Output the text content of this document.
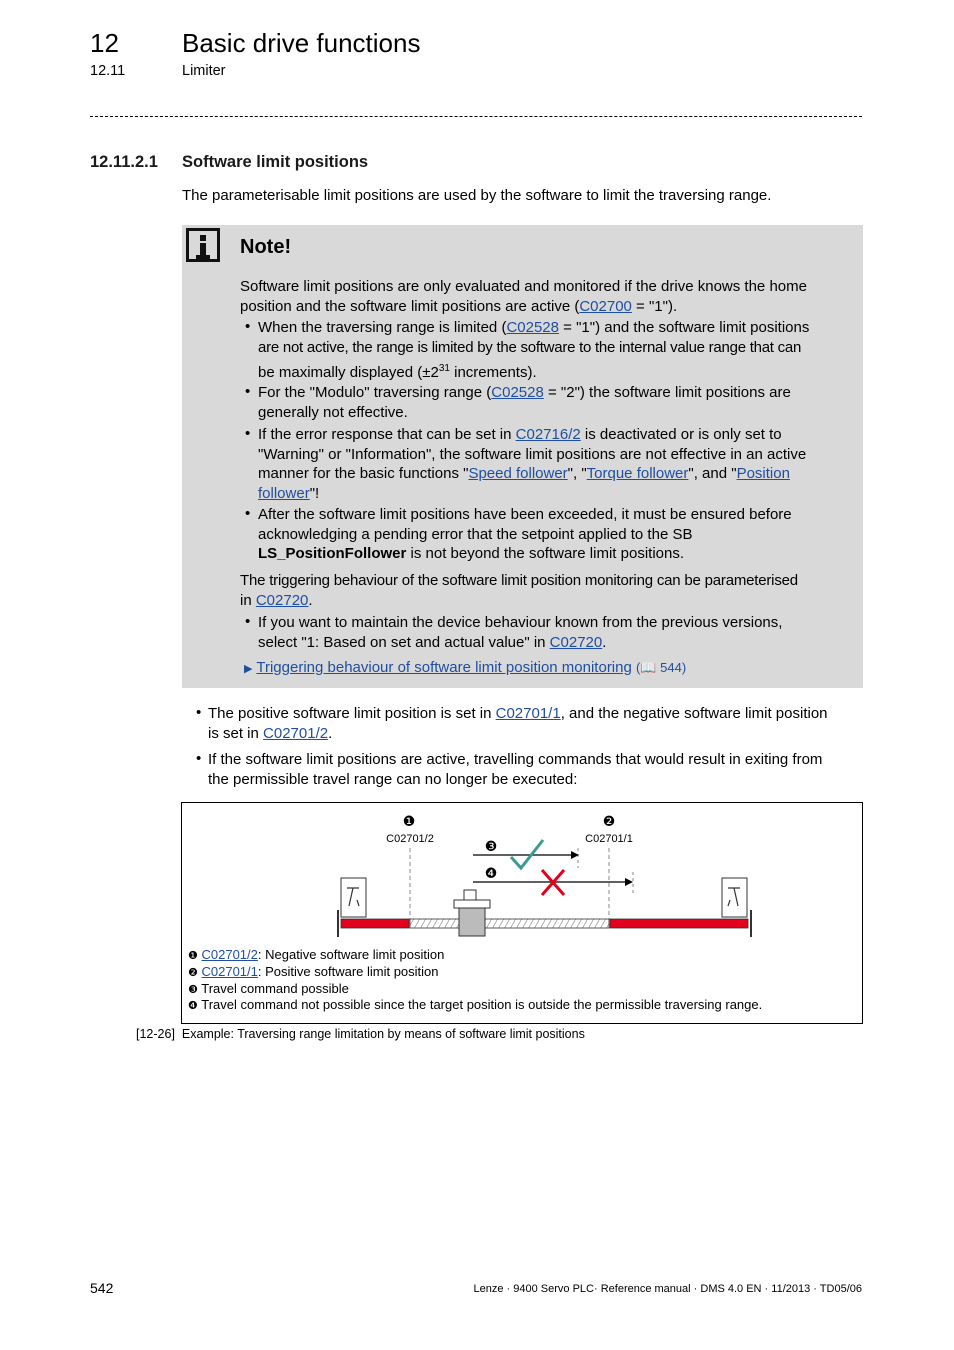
12 Basic drive functions
12.11	Limiter
12.11.2.1 Software limit positions
The parameterisable limit positions are used by the software to limit the traversing range.
Note!
Software limit positions are only evaluated and monitored if the drive knows the home
position and the software limit positions are active (C02700 = "1").
• When the traversing range is limited (C02528 = "1") and the software limit positions
are not active, the range is limited by the software to the internal value range that can
be maximally displayed ($\pm 2^{31}$ increments).
• For the "Modulo" traversing range (C02528 = "2") the software limit positions are
generally not effective.
• If the error response that can be set in C02716/2 is deactivated or is only set to
"Warning" or "Information", the software limit positions are not effective in an active
manner for the basic functions "Speed follower", "Torque follower", and "Position
follower"!
• After the software limit positions have been exceeded, it must be ensured before
acknowledging a pending error that the setpoint applied to the SB
LS_PositionFollower is not beyond the software limit positions.
The triggering behaviour of the software limit position monitoring can be parameterised
in C02720.
• If you want to maintain the device behaviour known from the previous versions,
select "1: Based on set and actual value" in C02720.
▶ Triggering behaviour of software limit position monitoring (📖 544)
• The positive software limit position is set in C02701/1, and the negative software limit position
is set in C02701/2.
• If the software limit positions are active, travelling commands that would result in exiting from
the permissible travel range can no longer be executed:
❶	❷
❸
❹
C02701/2	C02701/1
❶ C02701/2: Negative software limit position
❷ C02701/1: Positive software limit position
❸ Travel command possible
❹ Travel command not possible since the target position is outside the permissible traversing range.
[12-26] Example: Traversing range limitation by means of software limit positions
542	Lenze · 9400 Servo PLC· Reference manual · DMS 4.0 EN · 11/2013 · TD05/06
